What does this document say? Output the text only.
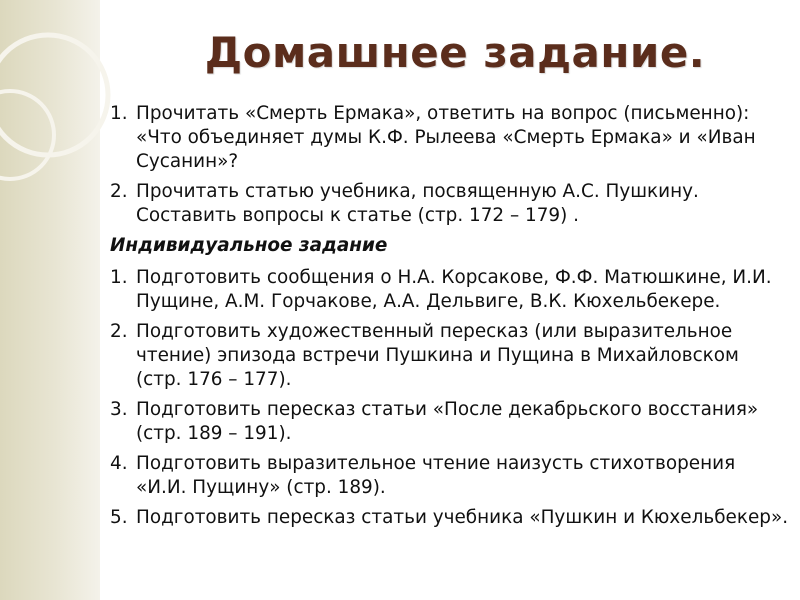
Домашнее задание.
1. Прочитать «Смерть Ермака», ответить на вопрос (письменно): «Что объединяет думы К.Ф. Рылеева «Смерть Ермака» и «Иван Сусанин»?
2. Прочитать статью учебника, посвященную А.С. Пушкину. Составить вопросы к статье (стр. 172 – 179) .
Индивидуальное задание
1. Подготовить сообщения о Н.А. Корсакове, Ф.Ф. Матюшкине, И.И. Пущине, А.М. Горчакове, А.А. Дельвиге, В.К. Кюхельбекере.
2. Подготовить художественный пересказ (или выразительное чтение) эпизода встречи Пушкина и Пущина в Михайловском (стр. 176 – 177).
3. Подготовить пересказ статьи «После декабрьского восстания» (стр. 189 – 191).
4. Подготовить выразительное чтение наизусть стихотворения «И.И. Пущину» (стр. 189).
5. Подготовить пересказ статьи учебника «Пушкин и Кюхельбекер».
